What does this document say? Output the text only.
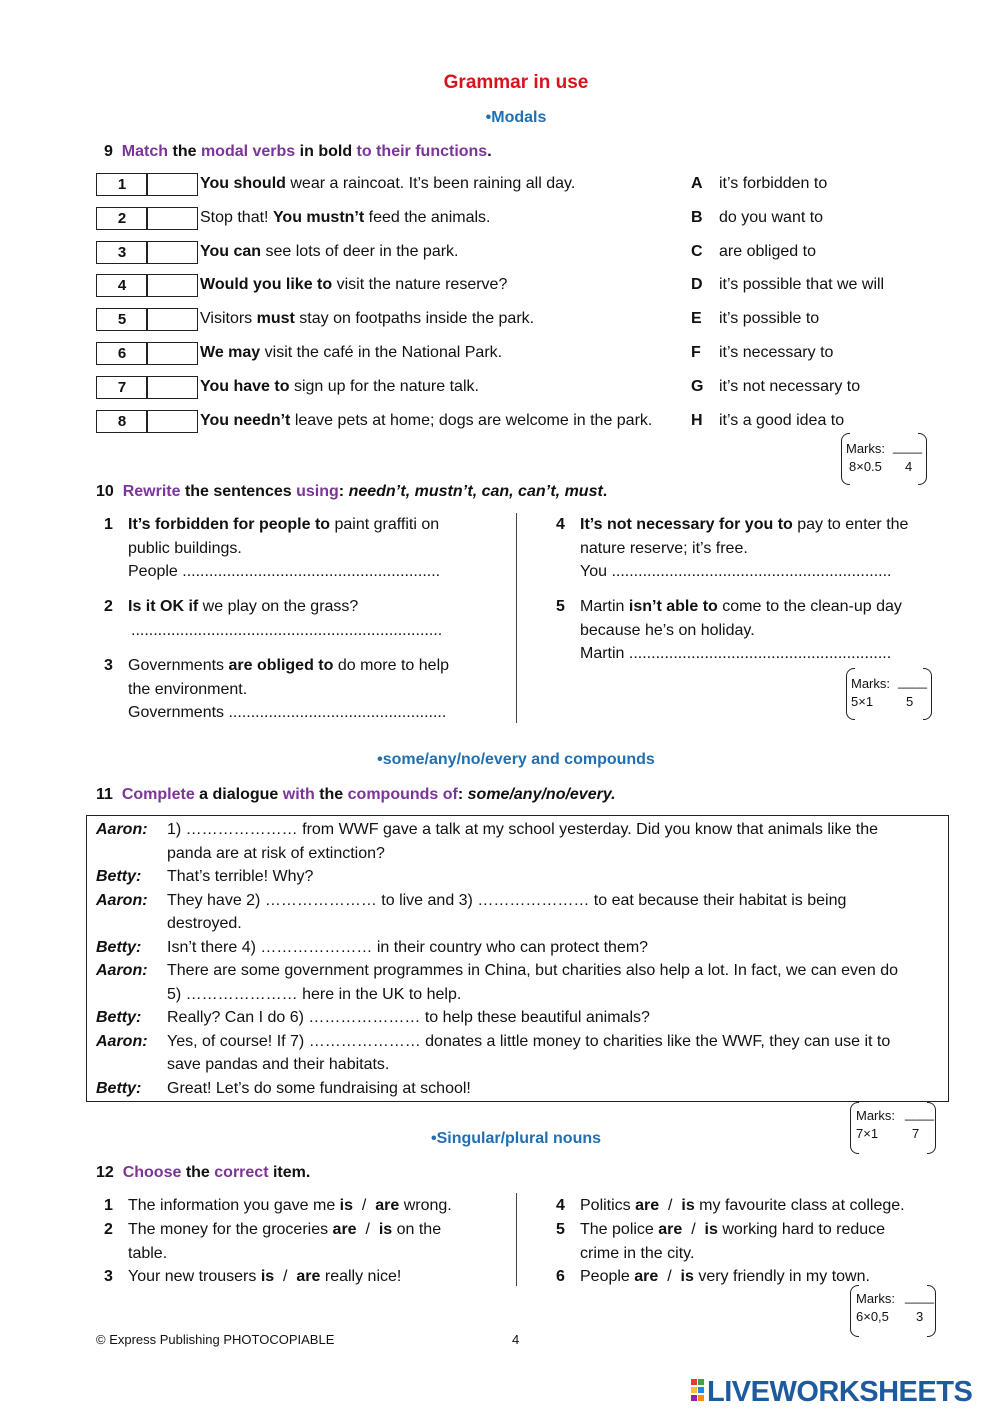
Grammar in use
•Modals
9 Match the modal verbs in bold to their functions.
1	You should wear a raincoat. It’s been raining all day.	A it’s forbidden to
2	Stop that! You mustn’t feed the animals.	B do you want to
3	You can see lots of deer in the park.	C are obliged to
4	Would you like to visit the nature reserve?	D it’s possible that we will
5	Visitors must stay on footpaths inside the park.	E it’s possible to
6	We may visit the café in the National Park.	F it’s necessary to
7	You have to sign up for the nature talk.	G it’s not necessary to
8	You needn’t leave pets at home; dogs are welcome in the park. H it’s a good idea to
Marks: ____
8×0.5 4
10 Rewrite the sentences using: needn’t, mustn’t, can, can’t, must.
1 It’s forbidden for people to paint graffiti on
public buildings.
People ..........................................................
2 Is it OK if we play on the grass?
......................................................................
3 Governments are obliged to do more to help
the environment.
Governments .................................................
4 It’s not necessary for you to pay to enter the
nature reserve; it’s free.
You ...............................................................
5 Martin isn’t able to come to the clean-up day
because he’s on holiday.
Martin ...........................................................
Marks: ____
5×1	5
•some/any/no/every and compounds
11 Complete a dialogue with the compounds of: some/any/no/every.
Aaron: 1) ………………… from WWF gave a talk at my school yesterday. Did you know that animals like the
panda are at risk of extinction?
Betty: That’s terrible! Why?
Aaron: They have 2) ………………… to live and 3) ………………… to eat because their habitat is being
destroyed.
Betty: Isn’t there 4) ………………… in their country who can protect them?
Aaron: There are some government programmes in China, but charities also help a lot. In fact, we can even do
5) ………………… here in the UK to help.
Betty: Really? Can I do 6) ………………… to help these beautiful animals?
Aaron: Yes, of course! If 7) ………………… donates a little money to charities like the WWF, they can use it to
save pandas and their habitats.
Betty: Great! Let’s do some fundraising at school!
Marks: ____
7×1	7
•Singular/plural nouns
12 Choose the correct item.
1 The information you gave me is  /  are wrong.
2 The money for the groceries are  /  is on the
table.
3 Your new trousers is  /  are really nice!
4 Politics are  /  is my favourite class at college.
5 The police are  /  is working hard to reduce
crime in the city.
6 People are  /  is very friendly in my town.
Marks: ____
6×0,5 3
© Express Publishing PHOTOCOPIABLE	4
LIVEWORKSHEETS
